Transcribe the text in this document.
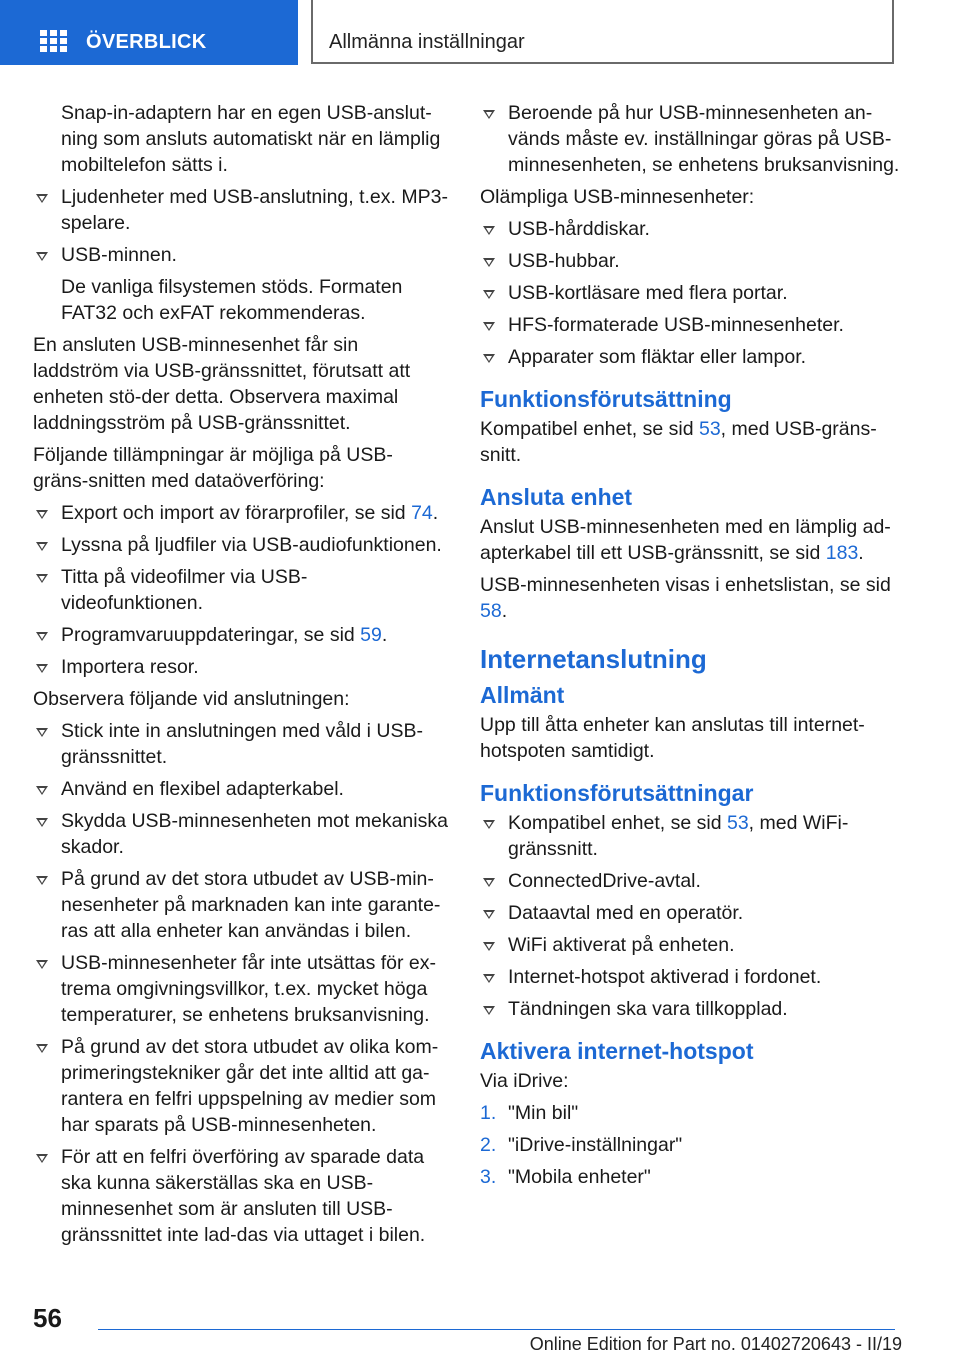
ÖVERBLICK	Allmänna inställningar

Snap-in-adaptern har en egen USB-anslut-ning som ansluts automatiskt när en lämplig mobiltelefon sätts i.

Ljudenheter med USB-anslutning, t.ex. MP3-spelare.
USB-minnen.

De vanliga filsystemen stöds. Formaten FAT32 och exFAT rekommenderas.

En ansluten USB-minnesenhet får sin laddström via USB-gränssnittet, förutsatt att enheten stö-der detta. Observera maximal laddningsström på USB-gränssnittet.

Följande tillämpningar är möjliga på USB-gräns-snitten med dataöverföring:

Export och import av förarprofiler, se sid 74.
Lyssna på ljudfiler via USB-audiofunktionen.
Titta på videofilmer via USB-videofunktionen.
Programvaruuppdateringar, se sid 59.
Importera resor.

Observera följande vid anslutningen:

Stick inte in anslutningen med våld i USB-gränssnittet.
Använd en flexibel adapterkabel.
Skydda USB-minnesenheten mot mekaniska skador.
På grund av det stora utbudet av USB-min-nesenheter på marknaden kan inte garante-ras att alla enheter kan användas i bilen.
USB-minnesenheter får inte utsättas för ex-trema omgivningsvillkor, t.ex. mycket höga temperaturer, se enhetens bruksanvisning.
På grund av det stora utbudet av olika kom-primeringstekniker går det inte alltid att ga-rantera en felfri uppspelning av medier som har sparats på USB-minnesenheten.
För att en felfri överföring av sparade data ska kunna säkerställas ska en USB-minnesenhet som är ansluten till USB-gränssnittet inte lad-das via uttaget i bilen.
Beroende på hur USB-minnesenheten an-vänds måste ev. inställningar göras på USB-minnesenheten, se enhetens bruksanvisning.

Olämpliga USB-minnesenheter:

USB-hårddiskar.
USB-hubbar.
USB-kortläsare med flera portar.
HFS-formaterade USB-minnesenheter.
Apparater som fläktar eller lampor.
Funktionsförutsättning

Kompatibel enhet, se sid 53, med USB-gräns-snitt.

Ansluta enhet

Anslut USB-minnesenheten med en lämplig ad-apterkabel till ett USB-gränssnitt, se sid 183.

USB-minnesenheten visas i enhetslistan, se sid 58.

Internetanslutning
Allmänt

Upp till åtta enheter kan anslutas till internet-hotspoten samtidigt.

Funktionsförutsättningar
Kompatibel enhet, se sid 53, med WiFi-gränssnitt.
ConnectedDrive-avtal.
Dataavtal med en operatör.
WiFi aktiverat på enheten.
Internet-hotspot aktiverad i fordonet.
Tändningen ska vara tillkopplad.
Aktivera internet-hotspot

Via iDrive:

1. "Min bil"
2. "iDrive-inställningar"
3. "Mobila enheter"
56
Online Edition for Part no. 01402720643 - II/19
